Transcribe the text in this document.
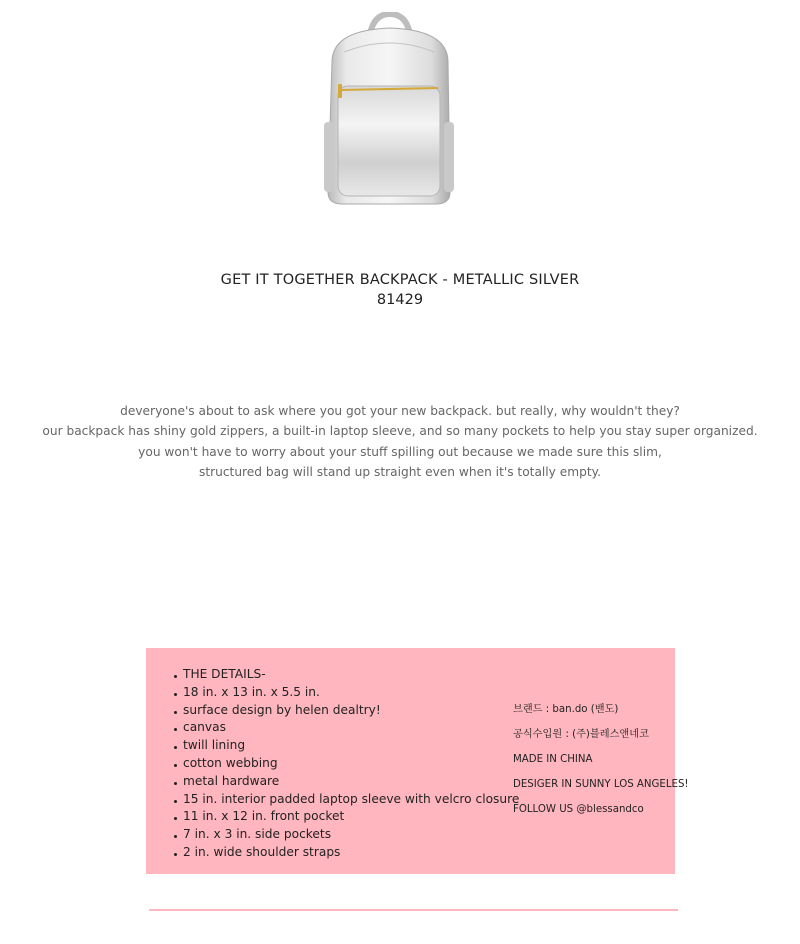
GET IT TOGETHER BACKPACK - METALLIC SILVER
81429
deveryone's about to ask where you got your new backpack. but really, why wouldn't they?
our backpack has shiny gold zippers, a built-in laptop sleeve, and so many pockets to help you stay super organized.
you won't have to worry about your stuff spilling out because we made sure this slim,
structured bag will stand up straight even when it's totally empty.
THE DETAILS-
18 in. x 13 in. x 5.5 in.
surface design by helen dealtry!
canvas
twill lining
cotton webbing
metal hardware
15 in. interior padded laptop sleeve with velcro closure
11 in. x 12 in. front pocket
7 in. x 3 in. side pockets
2 in. wide shoulder straps
브랜드 : ban.do (밴도)
공식수입원 : (주)블레스앤네코
MADE IN CHINA
DESIGER IN SUNNY LOS ANGELES!
FOLLOW US @blessandco
